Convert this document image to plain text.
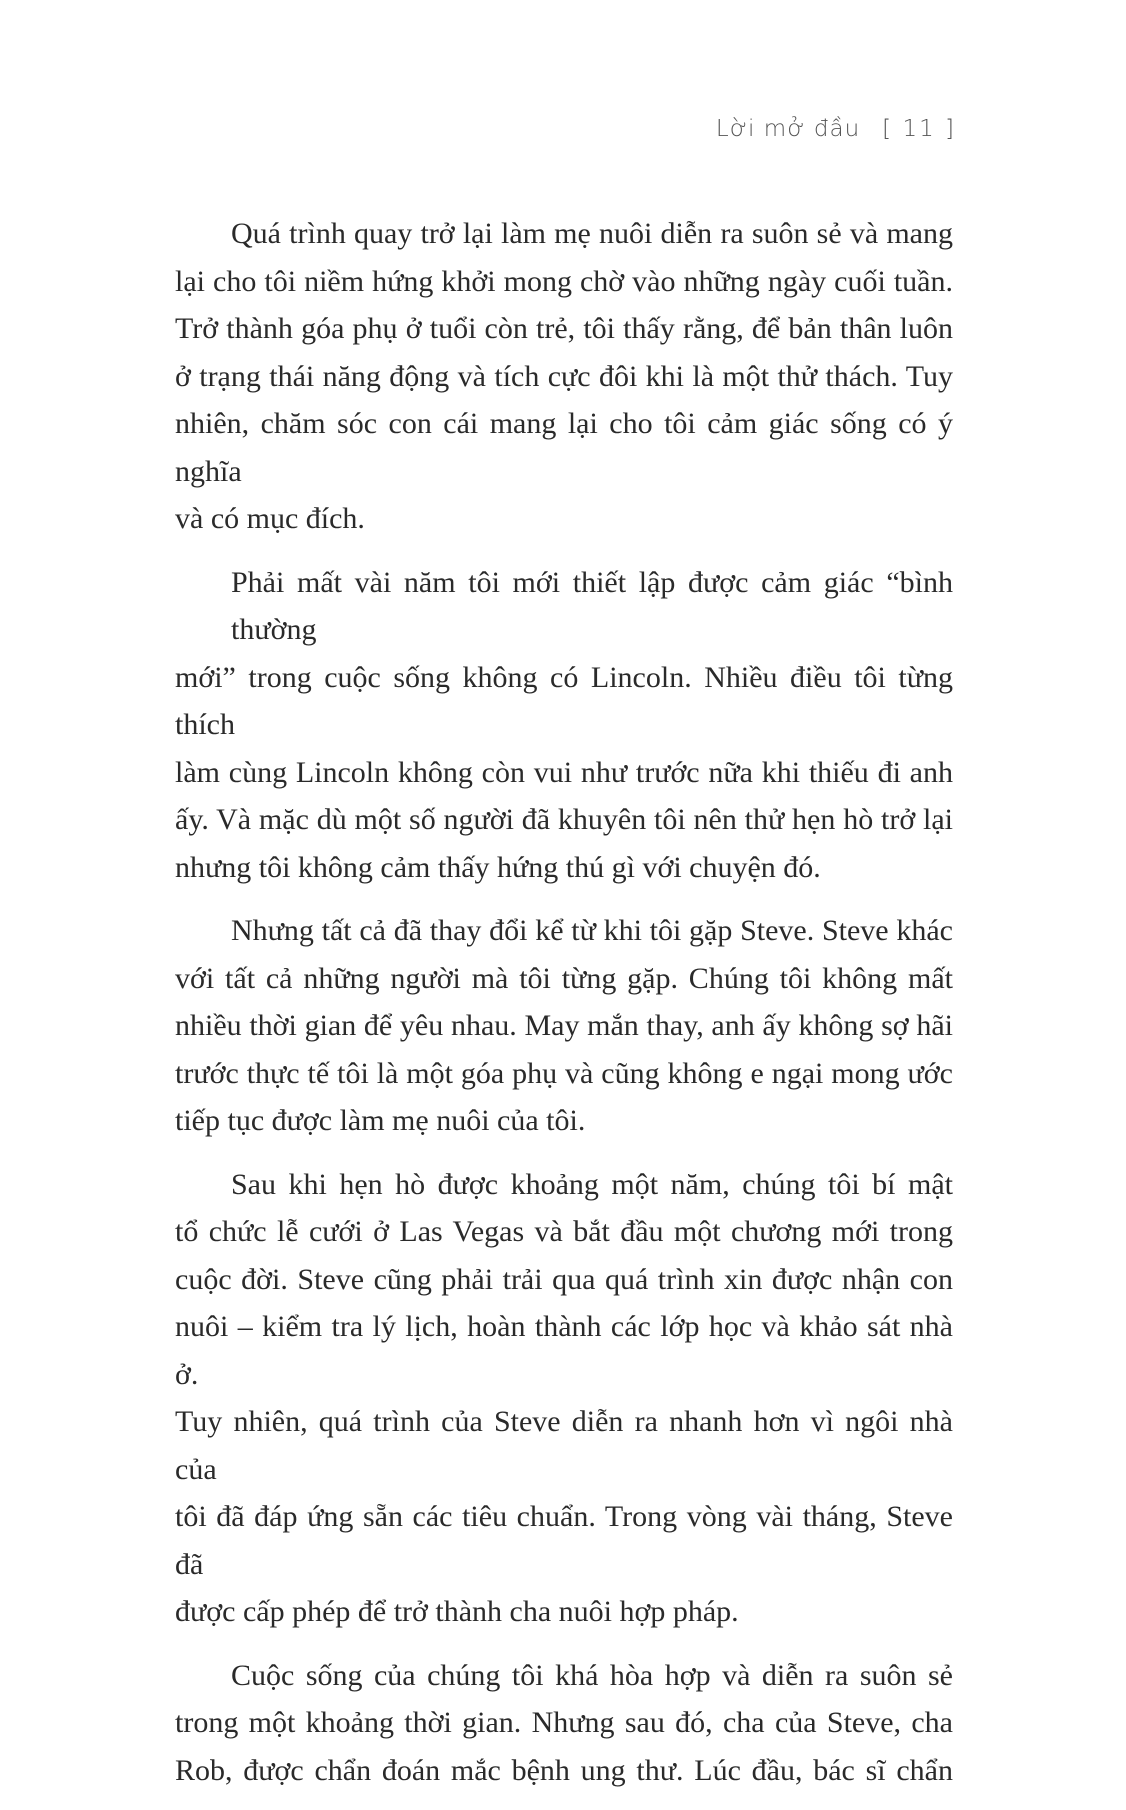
Lời mở đầu [ 11 ]
Quá trình quay trở lại làm mẹ nuôi diễn ra suôn sẻ và mang
lại cho tôi niềm hứng khởi mong chờ vào những ngày cuối tuần.
Trở thành góa phụ ở tuổi còn trẻ, tôi thấy rằng, để bản thân luôn
ở trạng thái năng động và tích cực đôi khi là một thử thách. Tuy
nhiên, chăm sóc con cái mang lại cho tôi cảm giác sống có ý nghĩa
và có mục đích.
Phải mất vài năm tôi mới thiết lập được cảm giác “bình thường
mới” trong cuộc sống không có Lincoln. Nhiều điều tôi từng thích
làm cùng Lincoln không còn vui như trước nữa khi thiếu đi anh
ấy. Và mặc dù một số người đã khuyên tôi nên thử hẹn hò trở lại
nhưng tôi không cảm thấy hứng thú gì với chuyện đó.
Nhưng tất cả đã thay đổi kể từ khi tôi gặp Steve. Steve khác
với tất cả những người mà tôi từng gặp. Chúng tôi không mất
nhiều thời gian để yêu nhau. May mắn thay, anh ấy không sợ hãi
trước thực tế tôi là một góa phụ và cũng không e ngại mong ước
tiếp tục được làm mẹ nuôi của tôi.
Sau khi hẹn hò được khoảng một năm, chúng tôi bí mật
tổ chức lễ cưới ở Las Vegas và bắt đầu một chương mới trong
cuộc đời. Steve cũng phải trải qua quá trình xin được nhận con
nuôi – kiểm tra lý lịch, hoàn thành các lớp học và khảo sát nhà ở.
Tuy nhiên, quá trình của Steve diễn ra nhanh hơn vì ngôi nhà của
tôi đã đáp ứng sẵn các tiêu chuẩn. Trong vòng vài tháng, Steve đã
được cấp phép để trở thành cha nuôi hợp pháp.
Cuộc sống của chúng tôi khá hòa hợp và diễn ra suôn sẻ
trong một khoảng thời gian. Nhưng sau đó, cha của Steve, cha
Rob, được chẩn đoán mắc bệnh ung thư. Lúc đầu, bác sĩ chẩn
